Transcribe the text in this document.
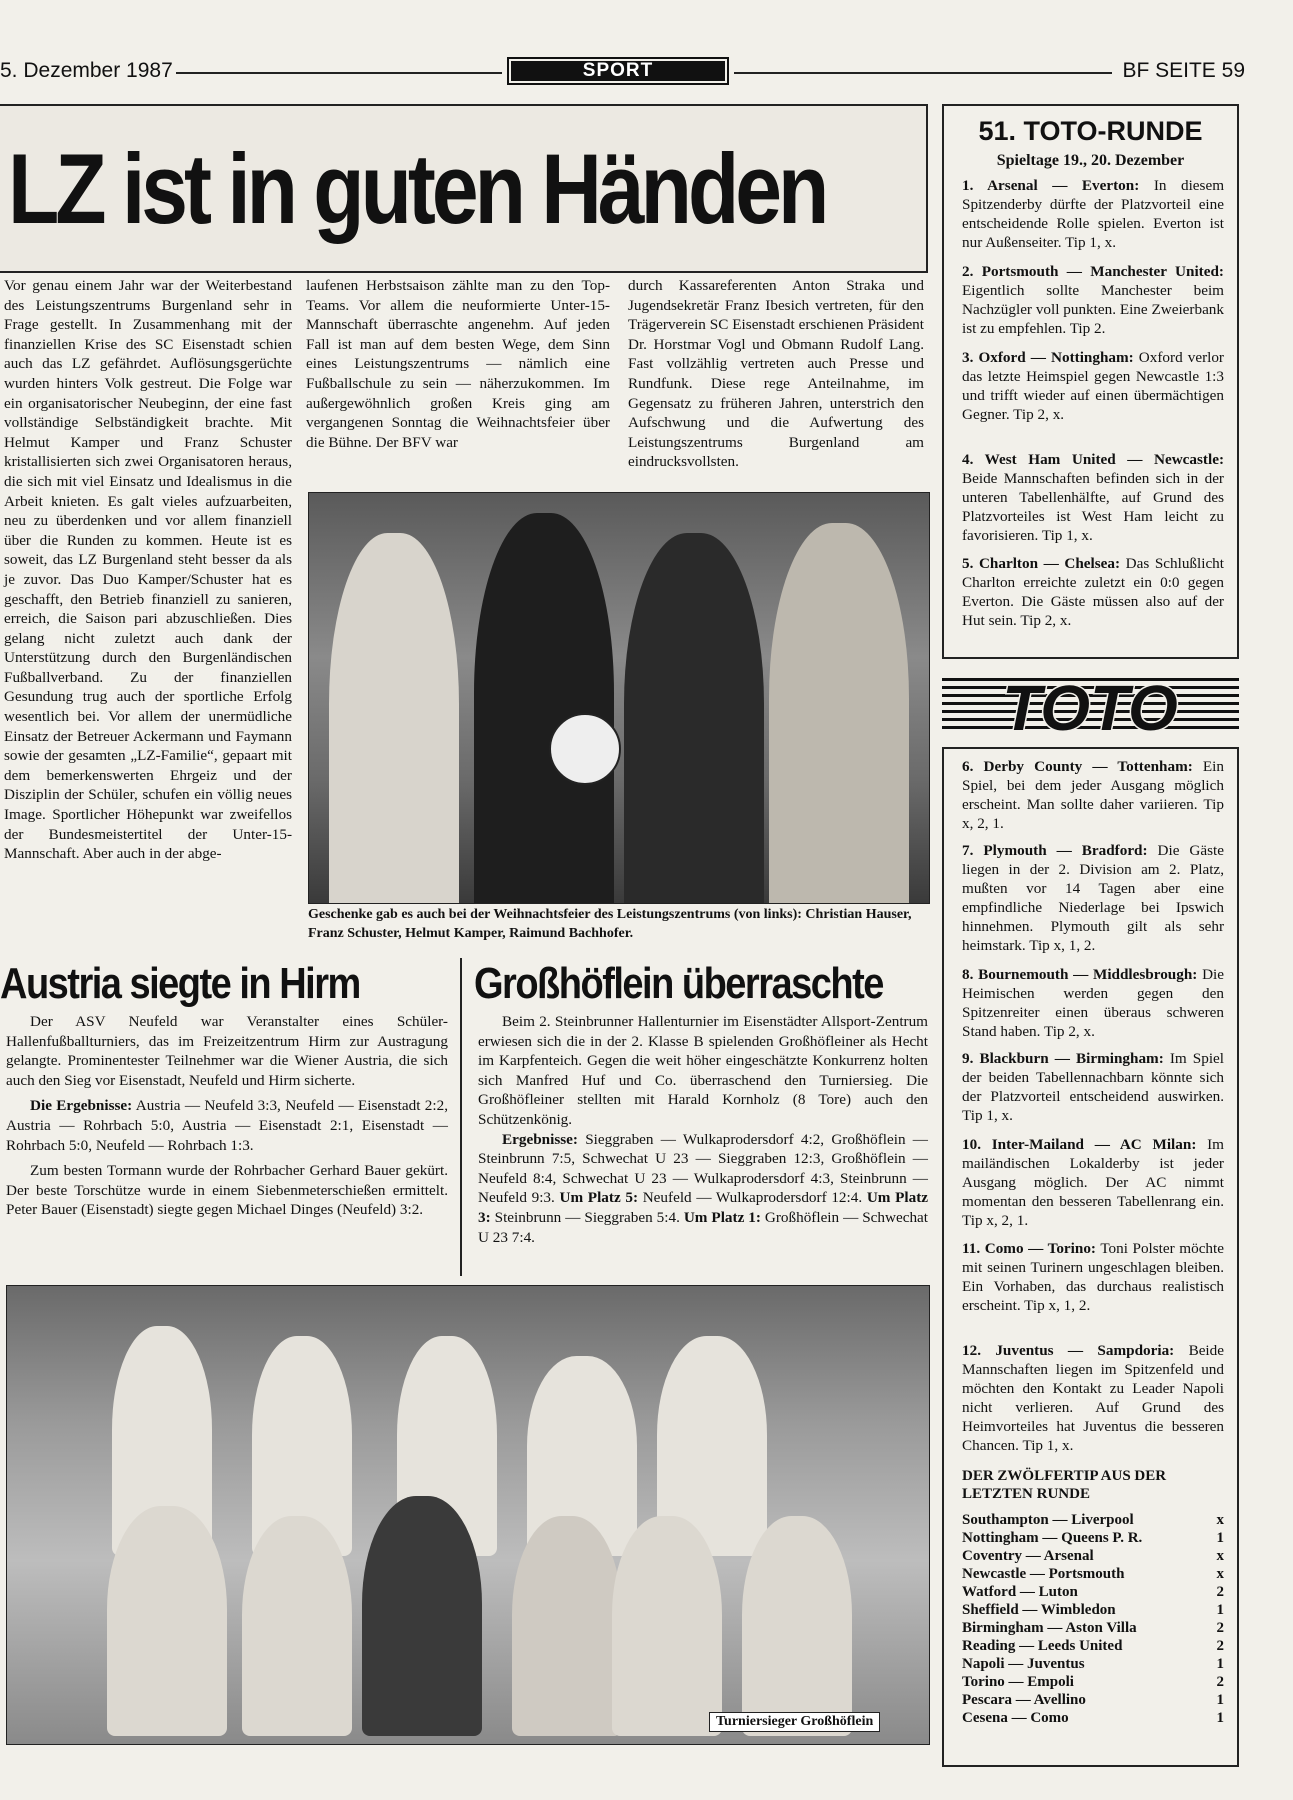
5. Dezember 1987	SPORT	BF SEITE 59
LZ ist in guten Händen

Vor genau einem Jahr war der Weiterbestand des Leistungszentrums Burgenland sehr in Frage gestellt. In Zusammenhang mit der finanziellen Krise des SC Eisenstadt schien auch das LZ gefährdet. Auflösungsgerüchte wurden hinters Volk gestreut. Die Folge war ein organisatorischer Neubeginn, der eine fast vollständige Selbständigkeit brachte. Mit Helmut Kamper und Franz Schuster kristallisierten sich zwei Organisatoren heraus, die sich mit viel Einsatz und Idealismus in die Arbeit knieten. Es galt vieles aufzuarbeiten, neu zu überdenken und vor allem finanziell über die Runden zu kommen. Heute ist es soweit, das LZ Burgenland steht besser da als je zuvor. Das Duo Kamper/Schuster hat es geschafft, den Betrieb finanziell zu sanieren, erreich, die Saison pari abzuschließen. Dies gelang nicht zuletzt auch dank der Unterstützung durch den Burgenländischen Fußballverband. Zu der finanziellen Gesundung trug auch der sportliche Erfolg wesentlich bei. Vor allem der unermüdliche Einsatz der Betreuer Ackermann und Faymann sowie der gesamten „LZ-Familie“, gepaart mit dem bemerkenswerten Ehrgeiz und der Disziplin der Schüler, schufen ein völlig neues Image. Sportlicher Höhepunkt war zweifellos der Bundesmeistertitel der Unter-15-Mannschaft. Aber auch in der abge-

laufenen Herbstsaison zählte man zu den Top-Teams. Vor allem die neuformierte Unter-15-Mannschaft überraschte angenehm. Auf jeden Fall ist man auf dem besten Wege, dem Sinn eines Leistungszentrums — nämlich eine Fußballschule zu sein — näherzukommen. Im außergewöhnlich großen Kreis ging am vergangenen Sonntag die Weihnachtsfeier über die Bühne. Der BFV war

durch Kassareferenten Anton Straka und Jugendsekretär Franz Ibesich vertreten, für den Trägerverein SC Eisenstadt erschienen Präsident Dr. Horstmar Vogl und Obmann Rudolf Lang. Fast vollzählig vertreten auch Presse und Rundfunk. Diese rege Anteilnahme, im Gegensatz zu früheren Jahren, unterstrich den Aufschwung und die Aufwertung des Leistungszentrums Burgenland am eindrucksvollsten.

Geschenke gab es auch bei der Weihnachtsfeier des Leistungszentrums (von links): Christian Hauser, Franz Schuster, Helmut Kamper, Raimund Bachhofer.
Austria siegte in Hirm

Der ASV Neufeld war Veranstalter eines Schüler-Hallenfußballturniers, das im Freizeitzentrum Hirm zur Austragung gelangte. Prominentester Teilnehmer war die Wiener Austria, die sich auch den Sieg vor Eisenstadt, Neufeld und Hirm sicherte.

Die Ergebnisse: Austria — Neufeld 3:3, Neufeld — Eisenstadt 2:2, Austria — Rohrbach 5:0, Austria — Eisenstadt 2:1, Eisenstadt — Rohrbach 5:0, Neufeld — Rohrbach 1:3.

Zum besten Tormann wurde der Rohrbacher Gerhard Bauer gekürt. Der beste Torschütze wurde in einem Siebenmeterschießen ermittelt. Peter Bauer (Eisenstadt) siegte gegen Michael Dinges (Neufeld) 3:2.

Großhöflein überraschte

Beim 2. Steinbrunner Hallenturnier im Eisenstädter Allsport-Zentrum erwiesen sich die in der 2. Klasse B spielenden Großhöfleiner als Hecht im Karpfenteich. Gegen die weit höher eingeschätzte Konkurrenz holten sich Manfred Huf und Co. überraschend den Turniersieg. Die Großhöfleiner stellten mit Harald Kornholz (8 Tore) auch den Schützenkönig.

Ergebnisse: Sieggraben — Wulkaprodersdorf 4:2, Großhöflein — Steinbrunn 7:5, Schwechat U 23 — Sieggraben 12:3, Großhöflein — Neufeld 8:4, Schwechat U 23 — Wulkaprodersdorf 4:3, Steinbrunn — Neufeld 9:3. Um Platz 5: Neufeld — Wulkaprodersdorf 12:4. Um Platz 3: Steinbrunn — Sieggraben 5:4. Um Platz 1: Großhöflein — Schwechat U 23 7:4.

Turniersieger Großhöflein
51. TOTO-RUNDE
Spieltage 19., 20. Dezember
1. Arsenal — Everton: In diesem Spitzenderby dürfte der Platzvorteil eine entscheidende Rolle spielen. Everton ist nur Außenseiter. Tip 1, x.
2. Portsmouth — Manchester United: Eigentlich sollte Manchester beim Nachzügler voll punkten. Eine Zweierbank ist zu empfehlen. Tip 2.
3. Oxford — Nottingham: Oxford verlor das letzte Heimspiel gegen Newcastle 1:3 und trifft wieder auf einen übermächtigen Gegner. Tip 2, x.
4. West Ham United — Newcastle: Beide Mannschaften befinden sich in der unteren Tabellenhälfte, auf Grund des Platzvorteiles ist West Ham leicht zu favorisieren. Tip 1, x.
5. Charlton — Chelsea: Das Schlußlicht Charlton erreichte zuletzt ein 0:0 gegen Everton. Die Gäste müssen also auf der Hut sein. Tip 2, x.
TOTO
6. Derby County — Tottenham: Ein Spiel, bei dem jeder Ausgang möglich erscheint. Man sollte daher variieren. Tip x, 2, 1.
7. Plymouth — Bradford: Die Gäste liegen in der 2. Division am 2. Platz, mußten vor 14 Tagen aber eine empfindliche Niederlage bei Ipswich hinnehmen. Plymouth gilt als sehr heimstark. Tip x, 1, 2.
8. Bournemouth — Middlesbrough: Die Heimischen werden gegen den Spitzenreiter einen überaus schweren Stand haben. Tip 2, x.
9. Blackburn — Birmingham: Im Spiel der beiden Tabellennachbarn könnte sich der Platzvorteil entscheidend auswirken. Tip 1, x.
10. Inter-Mailand — AC Milan: Im mailändischen Lokalderby ist jeder Ausgang möglich. Der AC nimmt momentan den besseren Tabellenrang ein. Tip x, 2, 1.
11. Como — Torino: Toni Polster möchte mit seinen Turinern ungeschlagen bleiben. Ein Vorhaben, das durchaus realistisch erscheint. Tip x, 1, 2.
12. Juventus — Sampdoria: Beide Mannschaften liegen im Spitzenfeld und möchten den Kontakt zu Leader Napoli nicht verlieren. Auf Grund des Heimvorteiles hat Juventus die besseren Chancen. Tip 1, x.
DER ZWÖLFERTIP AUS DER LETZTEN RUNDE
Southampton — Liverpool	x
Nottingham — Queens P. R.	1
Coventry — Arsenal	x
Newcastle — Portsmouth	x
Watford — Luton	2
Sheffield — Wimbledon	1
Birmingham — Aston Villa	2
Reading — Leeds United	2
Napoli — Juventus	1
Torino — Empoli	2
Pescara — Avellino	1
Cesena — Como	1
